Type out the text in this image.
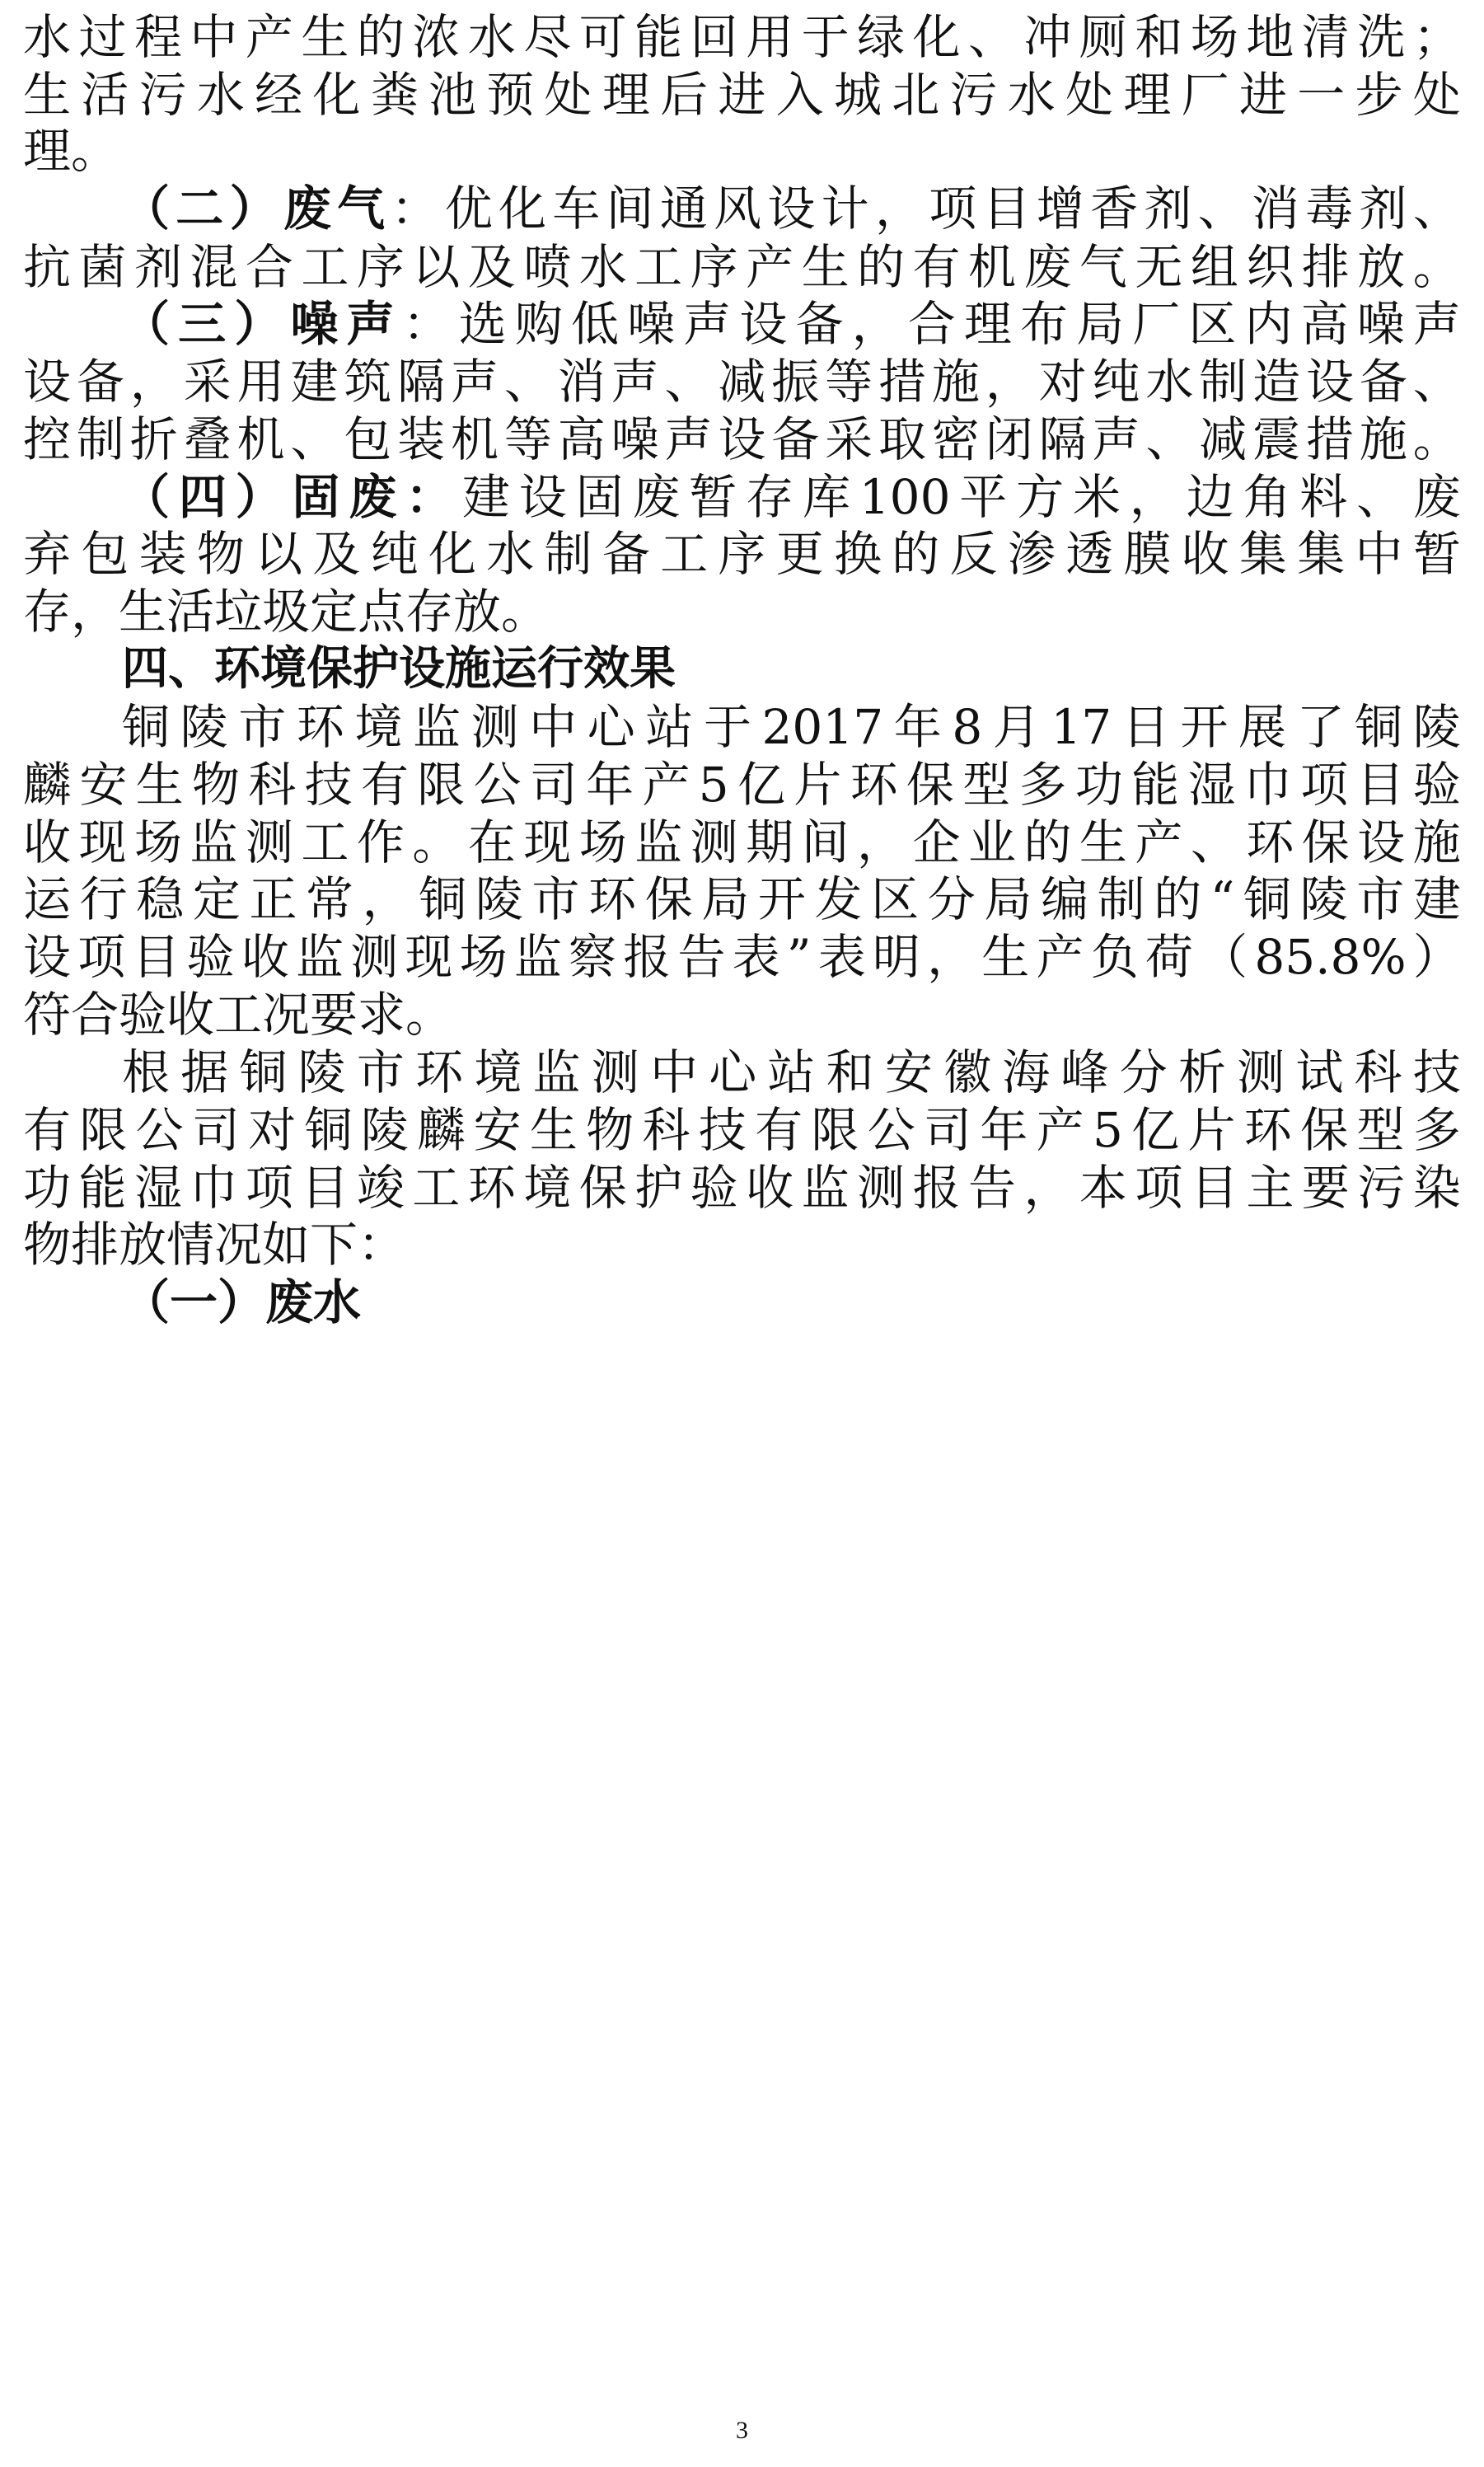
水 过 程 中 产 生 的 浓 水 尽 可 能 回 用 于 绿 化 、 冲 厕 和 场 地 清 洗 ；
生 活 污 水 经 化 粪 池 预 处 理 后 进 入 城 北 污 水 处 理 厂 进 一 步 处
理。
（ 二 ） 废 气 ： 优 化 车 间 通 风 设 计 ， 项 目 增 香 剂 、 消 毒 剂 、
抗 菌 剂 混 合 工 序 以 及 喷 水 工 序 产 生 的 有 机 废 气 无 组 织 排 放 。
（ 三 ） 噪 声 ： 选 购 低 噪 声 设 备 ， 合 理 布 局 厂 区 内 高 噪 声
设 备 ， 采 用 建 筑 隔 声 、 消 声 、 减 振 等 措 施 ， 对 纯 水 制 造 设 备 、
控 制 折 叠 机 、 包 装 机 等 高 噪 声 设 备 采 取 密 闭 隔 声 、 减 震 措 施 。
（ 四 ） 固 废 ： 建 设 固 废 暂 存 库 100 平 方 米 ， 边 角 料 、 废
弃 包 装 物 以 及 纯 化 水 制 备 工 序 更 换 的 反 渗 透 膜 收 集 集 中 暂
存，生活垃圾定点存放。
四、环境保护设施运行效果
铜 陵 市 环 境 监 测 中 心 站 于 2017 年 8 月 17 日 开 展 了 铜 陵
麟 安 生 物 科 技 有 限 公 司 年 产 5 亿 片 环 保 型 多 功 能 湿 巾 项 目 验
收 现 场 监 测 工 作 。 在 现 场 监 测 期 间 ， 企 业 的 生 产 、 环 保 设 施
运 行 稳 定 正 常 ， 铜 陵 市 环 保 局 开 发 区 分 局 编 制 的 “ 铜 陵 市 建
设 项 目 验 收 监 测 现 场 监 察 报 告 表 ” 表 明 ， 生 产 负 荷 （ 85.8% ）
符合验收工况要求。
根 据 铜 陵 市 环 境 监 测 中 心 站 和 安 徽 海 峰 分 析 测 试 科 技
有 限 公 司 对 铜 陵 麟 安 生 物 科 技 有 限 公 司 年 产 5 亿 片 环 保 型 多
功 能 湿 巾 项 目 竣 工 环 境 保 护 验 收 监 测 报 告 ， 本 项 目 主 要 污 染
物排放情况如下：
（一）废水
3
